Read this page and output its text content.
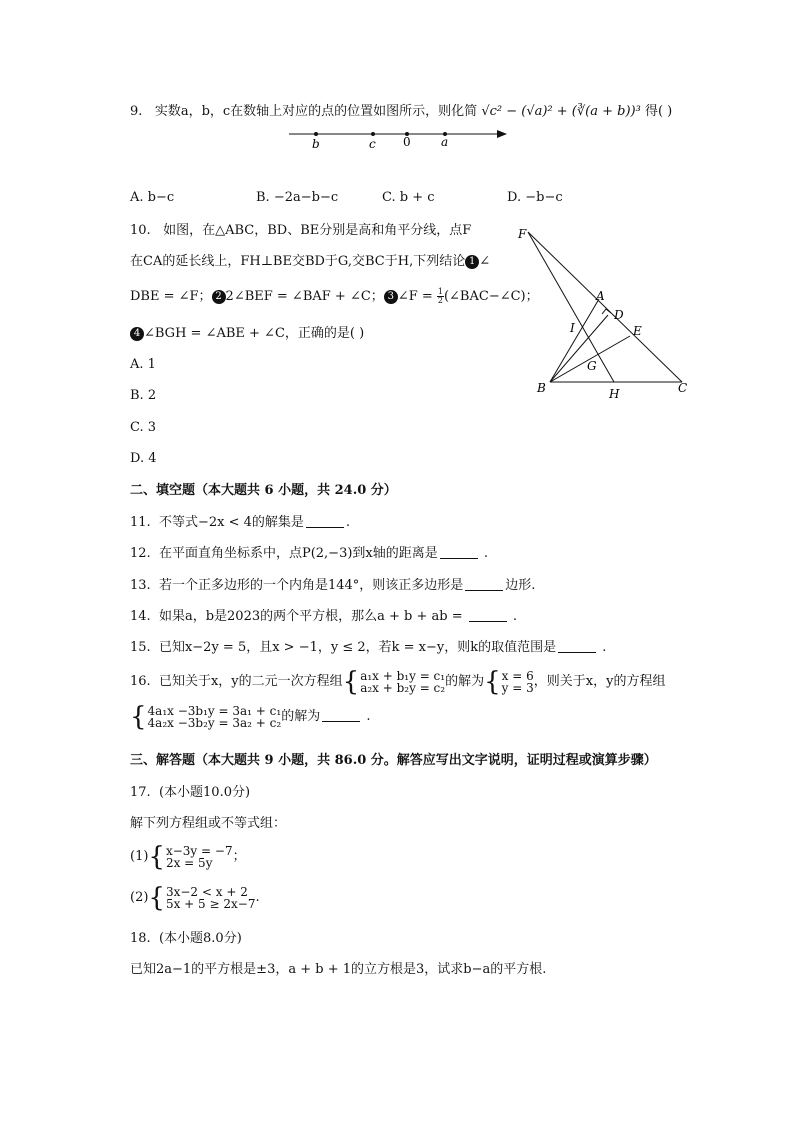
9. 实数a，b，c在数轴上对应的点的位置如图所示，则化简 √c² − (√a)² + (∛(a + b))³ 得( )
b	c 0	a
A. b−c	B. −2a−b−c	C. b + c	D. −b−c
10. 如图，在△ABC，BD、BE分别是高和角平分线，点F
在CA的延长线上，FH⊥BE交BD于G,交BC于H,下列结论 1 ∠
DBE = ∠F； 2 2∠BEF = ∠BAF + ∠C； 3 ∠F = $\frac{1}{2}$ (∠BAC−∠C)；
4 ∠BGH = ∠ABE + ∠C，正确的是( )
A. 1
B. 2
C. 3
D. 4
F
A
D
E
I
G
B	H	C
二、填空题（本大题共 6 小题，共 24.0 分）
11. 不等式−2x < 4的解集是	.
12. 在平面直角坐标系中，点P(2,−3)到x轴的距离是	.
13. 若一个正多边形的一个内角是144°，则该正多边形是	边形.
14. 如果a，b是2023的两个平方根，那么a + b + ab =	.
15. 已知x−2y = 5，且x > −1，y ≤ 2，若k = x−y，则k的取值范围是	.
16. 已知关于x，y的二元一次方程组{ a₁x + b₁y = c₁
a₂x + b₂y = c₂ 的解为{ x = 6
y = 3 ，则关于x，y的方程组
{ 4a₁x −3b₁y = 3a₁ + c₁
4a₂x −3b₂y = 3a₂ + c₂ 的解为	.
三、解答题（本大题共 9 小题，共 86.0 分。解答应写出文字说明，证明过程或演算步骤）
17. (本小题10.0分)
解下列方程组或不等式组：
(1){ x−3y = −7
2x = 5y	；
(2){ 3x−2 < x + 2
5x + 5 ≥ 2x−7 .
18. (本小题8.0分)
已知2a−1的平方根是±3，a + b + 1的立方根是3，试求b−a的平方根.
